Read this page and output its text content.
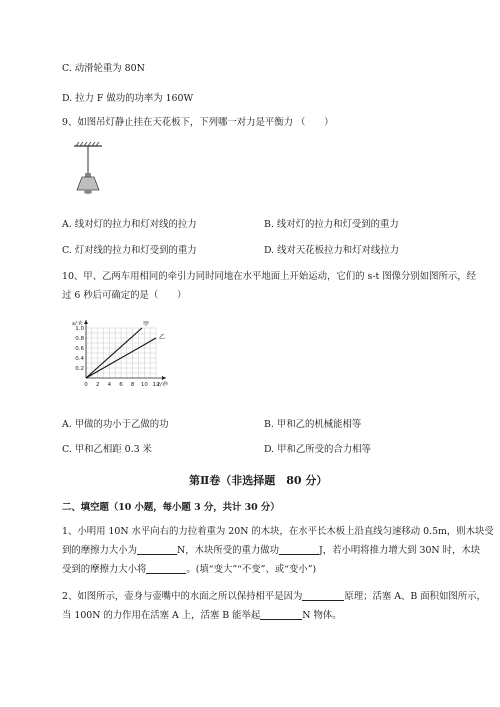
C. 动滑轮重为 80N
D. 拉力 F 做功的功率为 160W
9、如图吊灯静止挂在天花板下，下列哪一对力是平衡力 （　　）
A. 线对灯的拉力和灯对线的拉力	B. 线对灯的拉力和灯受到的重力
C. 灯对线的拉力和灯受到的重力	D. 线对天花板拉力和灯对线拉力
10、甲、乙两车用相同的牵引力同时同地在水平地面上开始运动，它们的 s-t 图像分别如图所示，经
过 6 秒后可确定的是（　　）
0 2 4 6 8 10 12
0.2
0.4
0.6
0.8
1.0
s/米
t/秒
甲
乙
A. 甲做的功小于乙做的功	B. 甲和乙的机械能相等
C. 甲和乙相距 0.3 米	D. 甲和乙所受的合力相等
第Ⅱ卷（非选择题　80 分）
二、填空题（10 小题，每小题 3 分，共计 30 分）
1、小明用 10N 水平向右的力拉着重为 20N 的木块，在水平长木板上沿直线匀速移动 0.5m，则木块受
到的摩擦力大小为	N，木块所受的重力做功	J，若小明将推力增大到 30N 时，木块
受到的摩擦力大小将	。(填“变大”“不变”、或“变小”)
2、如图所示，壶身与壶嘴中的水面之所以保持相平是因为	原理；活塞 A、B 面积如图所示，
当 100N 的力作用在活塞 A 上，活塞 B 能举起	N 物体。
